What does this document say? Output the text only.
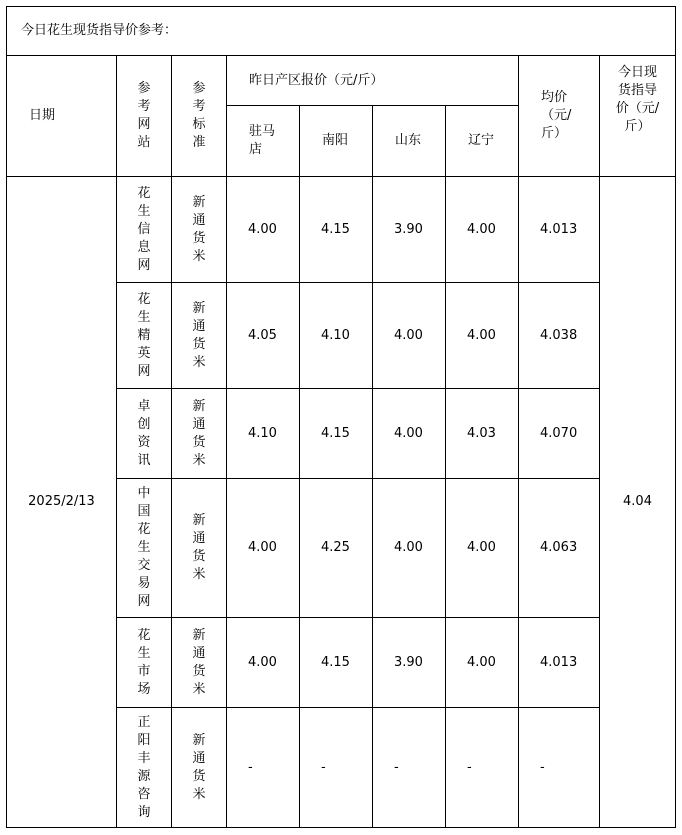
今日花生现货指导价参考：								
日期	参考网站	参考标准	昨日产区报价（元/斤）				均价（元/斤）	今日现货指导价（元/斤）
			驻马店	南阳	山东	辽宁		
2025/2/13	花生信息网	新通货米	4.00	4.15	3.90	4.00	4.013	4.04
	花生精英网	新通货米	4.05	4.10	4.00	4.00	4.038	
	卓创资讯	新通货米	4.10	4.15	4.00	4.03	4.070	
	中国花生交易网	新通货米	4.00	4.25	4.00	4.00	4.063	
	花生市场	新通货米	4.00	4.15	3.90	4.00	4.013	
	正阳丰源咨询	新通货米	-	-	-	-	-	
